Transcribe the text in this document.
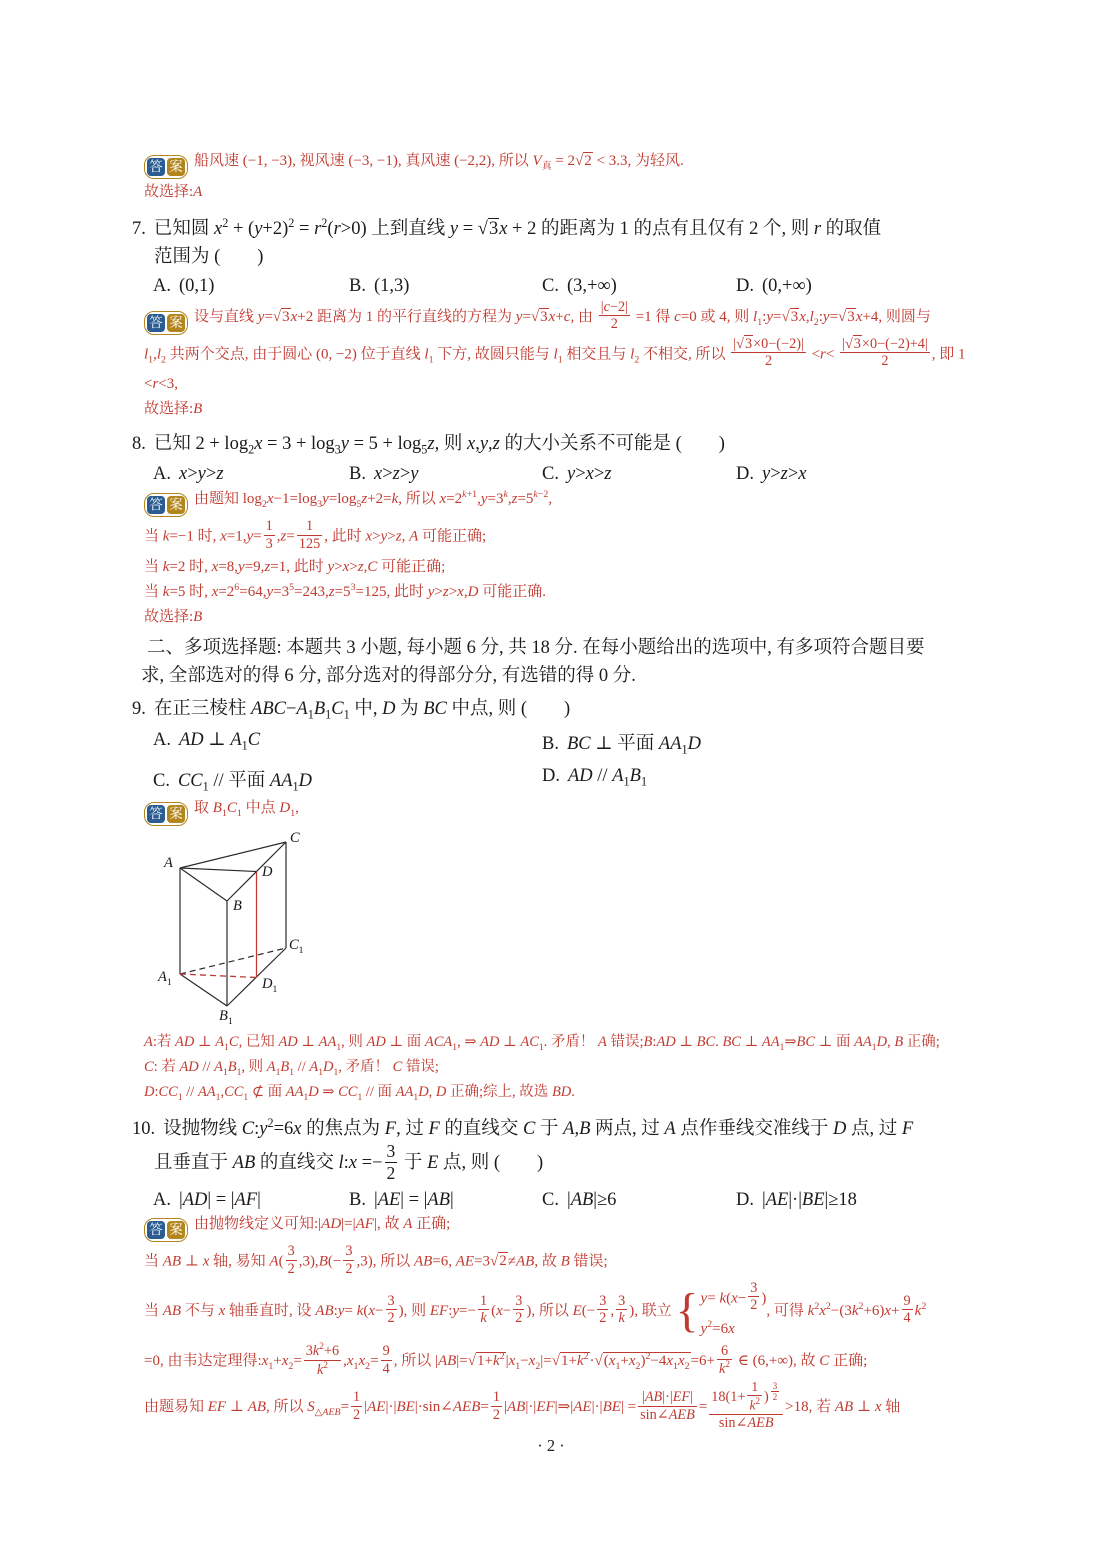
答 案 船风速 (−1, −3), 视风速 (−3, −1), 真风速 (−2,2), 所以 $V_真 = 2√2 < 3.3$, 为轻风.
故选择:A
7. 已知圆 $x^2 + (y+2)^2 = r^2(r>0)$ 上到直线 y = √3x + 2 的距离为 1 的点有且仅有 2 个, 则 r 的取值
范围为 (　　)
A. (0,1)	B. (1,3)	C. (3,+∞)	D. (0,+∞)
答 案 设与直线 y=√3x+2 距离为 1 的平行直线的方程为 y=√3x+c, 由 $\frac{|c-2|}{2} =1$ 得 c=0 或 4, 则 $l_1:y=√3x,l_2:y=√3x+4$, 则圆与
$l_1,l_2$ 共两个交点, 由于圆心 (0, −2) 位于直线 $l_1$ 下方, 故圆只能与 $l_1$ 相交且与 $l_2$ 不相交, 所以 $\frac{|√3\times 0-(-2)|}{2} <r< \frac{|√3\times 0-(-2)+4|}{2}$ , 即 1
<r<3,
故选择:B
8. 已知 $2 + \log_2x = 3 + \log_3y = 5 + \log_5z$, 则 x,y,z 的大小关系不可能是 (　　)
A. x>y>z	B. x>z>y	C. y>x>z	D. y>z>x
答 案 由题知 $\log_2x-1=\log_3y=\log_5z+2=k$, 所以 $x=2^{k+1},y=3^k,z=5^{k-2}$,
当 k=−1 时, $x=1,y= \frac{1}{3} ,z= \frac{1}{125}$ , 此时 x>y>z, A 可能正确;
当 k=2 时, x=8,y=9,z=1, 此时 y>x>z,C 可能正确;
当 k=5 时, $x=2^6=64,y=3^5=243,z=5^3=125$, 此时 y>z>x,D 可能正确.
故选择:B
二、多项选择题: 本题共 3 小题, 每小题 6 分, 共 18 分. 在每小题给出的选项中, 有多项符合题目要
求, 全部选对的得 6 分, 部分选对的得部分分, 有选错的得 0 分.
9. 在正三棱柱 $ABC-A_1B_1C_1$ 中, D 为 BC 中点, 则 (　　)
A. AD ⊥ $A_1C$	B. BC ⊥ 平面 $AA_1D$
C. $CC_1$ // 平面 $AA_1D$	D. AD // $A_1B_1$
答 案 取 $B_1C_1$ 中点 $D_1$,
A
C
B
D
$A_1$
$C_1$
$D_1$
$B_1$
A:若 AD ⊥ $A_1C$, 已知 AD ⊥ $AA_1$, 则 AD ⊥ 面 $ACA_1$, ⇒ AD ⊥ $AC_1$. 矛盾！ A 错误;B:AD ⊥ BC. BC ⊥ $AA_1\Rightarrow BC$ ⊥ 面 $AA_1D$, B 正确;
C: 若 AD // $A_1B_1$, 则 $A_1B_1 // A_1D_1$, 矛盾！ C 错误;
$D:CC_1 // AA_1,CC_1$ ⊄ 面 $AA_1D$ ⇒ $CC_1$ // 面 $AA_1D$, D 正确;综上, 故选 BD.
10. 设抛物线 $C:y^2=6x$ 的焦点为 F, 过 F 的直线交 C 于 A,B 两点, 过 A 点作垂线交准线于 D 点, 过 F
且垂直于 AB 的直线交 l:x =− $\frac{3}{2}$ 于 E 点, 则 (　　)
A. |AD| = |AF|	B. |AE| = |AB|	C. |AB|≥6	D. |AE|·|BE|≥18
答 案 由抛物线定义可知:|AD|=|AF|, 故 A 正确;
当 AB ⊥ x 轴, 易知 $A( \frac{3}{2} ,3),B(- \frac{3}{2} ,3)$, 所以 AB=6, AE=3√2≠AB, 故 B 错误;
当 AB 不与 x 轴垂直时, 设 AB:y= $k(x- \frac{3}{2}$ ), 则 EF:y=− $\frac{1}{k} (x- \frac{3}{2}$ ), 所以 $E(- \frac{3}{2}$ , $\frac{3}{k}$ ), 联立 { $y= k(x- \frac{3}{2}$ )
$y^2=6x$
, 可得 $k^2x^2-(3k^2+6)x+ \frac{9}{4} k^2$
=0, 由韦达定理得$:x_1+x_2= \frac{3k^2+6}{k^2} ,x_1x_2= \frac{9}{4}$ , 所以 $|AB|=√1+k^2|x_1-x_2|=√1+k^2\cdot√(x_1+x_2)^2-4x_1x_2=6+ \frac{6}{k^2}$ ∈ (6,+∞), 故 C 正确;
由题易知 EF ⊥ AB, 所以 $S_{\triangle AEB}= \frac{1}{2}$ |AE|·|BE|·sin∠AEB= $\frac{1}{2}$ |AB|·|EF|⇒|AE|·|BE| =
|AB|·|EF|
sin∠AEB =
$18(1+ \frac{1}{k^2}$ ) $^{\frac{3}{2}}$
sin∠AEB
>18, 若 AB ⊥ x 轴
· 2 ·
